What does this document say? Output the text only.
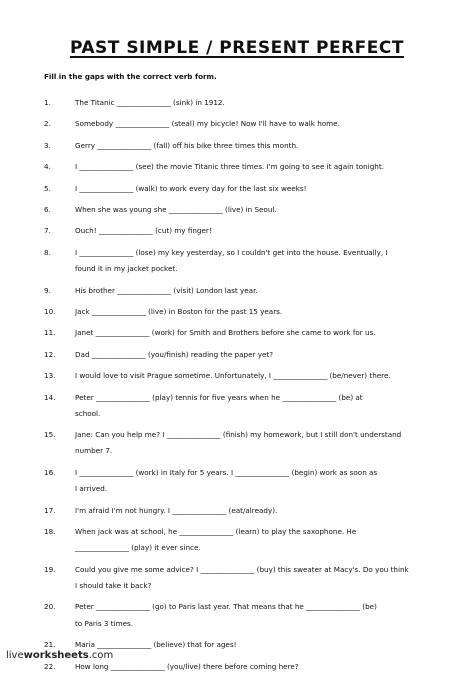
PAST SIMPLE / PRESENT PERFECT
Fill in the gaps with the correct verb form.
1.	The Titanic _______________ (sink) in 1912.
2.	Somebody _______________ (steal) my bicycle! Now I'll have to walk home.
3.	Gerry _______________ (fall) off his bike three times this month.
4.	I _______________ (see) the movie Titanic three times. I'm going to see it again tonight.
5.	I _______________ (walk) to work every day for the last six weeks!
6.	When she was young she _______________ (live) in Seoul.
7.	Ouch! _______________ (cut) my finger!
8.	I _______________ (lose) my key yesterday, so I couldn't get into the house. Eventually, I
found it in my jacket pocket.
9.	His brother _______________ (visit) London last year.
10.	Jack _______________ (live) in Boston for the past 15 years.
11.	Janet _______________ (work) for Smith and Brothers before she came to work for us.
12.	Dad _______________ (you/finish) reading the paper yet?
13.	I would love to visit Prague sometime. Unfortunately, I _______________ (be/never) there.
14.	Peter _______________ (play) tennis for five years when he _______________ (be) at
school.
15.	Jane: Can you help me? I _______________ (finish) my homework, but I still don't understand
number 7.
16.	I _______________ (work) in Italy for 5 years. I _______________ (begin) work as soon as
I arrived.
17.	I'm afraid I'm not hungry. I _______________ (eat/already).
18.	When jack was at school, he _______________ (learn) to play the saxophone. He
_______________ (play) it ever since.
19.	Could you give me some advice? I _______________ (buy) this sweater at Macy's. Do you think
I should take it back?
20.	Peter _______________ (go) to Paris last year. That means that he _______________ (be)
to Paris 3 times.
21.	Maria _______________ (believe) that for ages!
22.	How long _______________ (you/live) there before coming here?
liveworksheets.com
